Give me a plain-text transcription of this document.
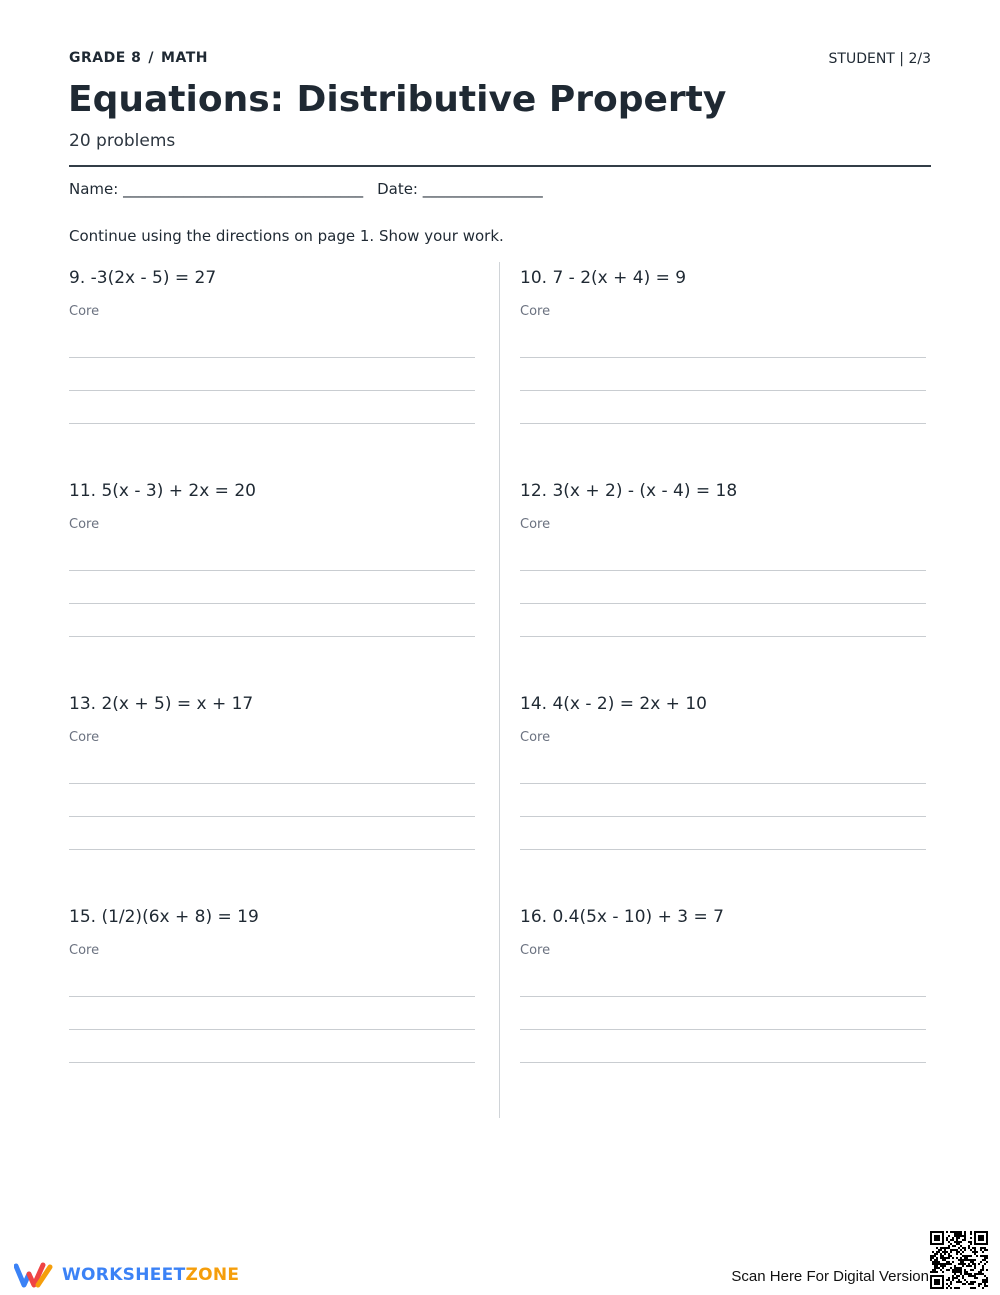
GRADE 8 / MATH	STUDENT | 2/3
Equations: Distributive Property
20 problems
Name: ________________________________ Date: ________________
Continue using the directions on page 1. Show your work.

9. -3(2x - 5) = 27

Core

10. 7 - 2(x + 4) = 9

Core

11. 5(x - 3) + 2x = 20

Core

12. 3(x + 2) - (x - 4) = 18

Core

13. 2(x + 5) = x + 17

Core

14. 4(x - 2) = 2x + 10

Core

15. (1/2)(6x + 8) = 19

Core

16. 0.4(5x - 10) + 3 = 7

Core
WORKSHEETZONE	Scan Here For Digital Version
